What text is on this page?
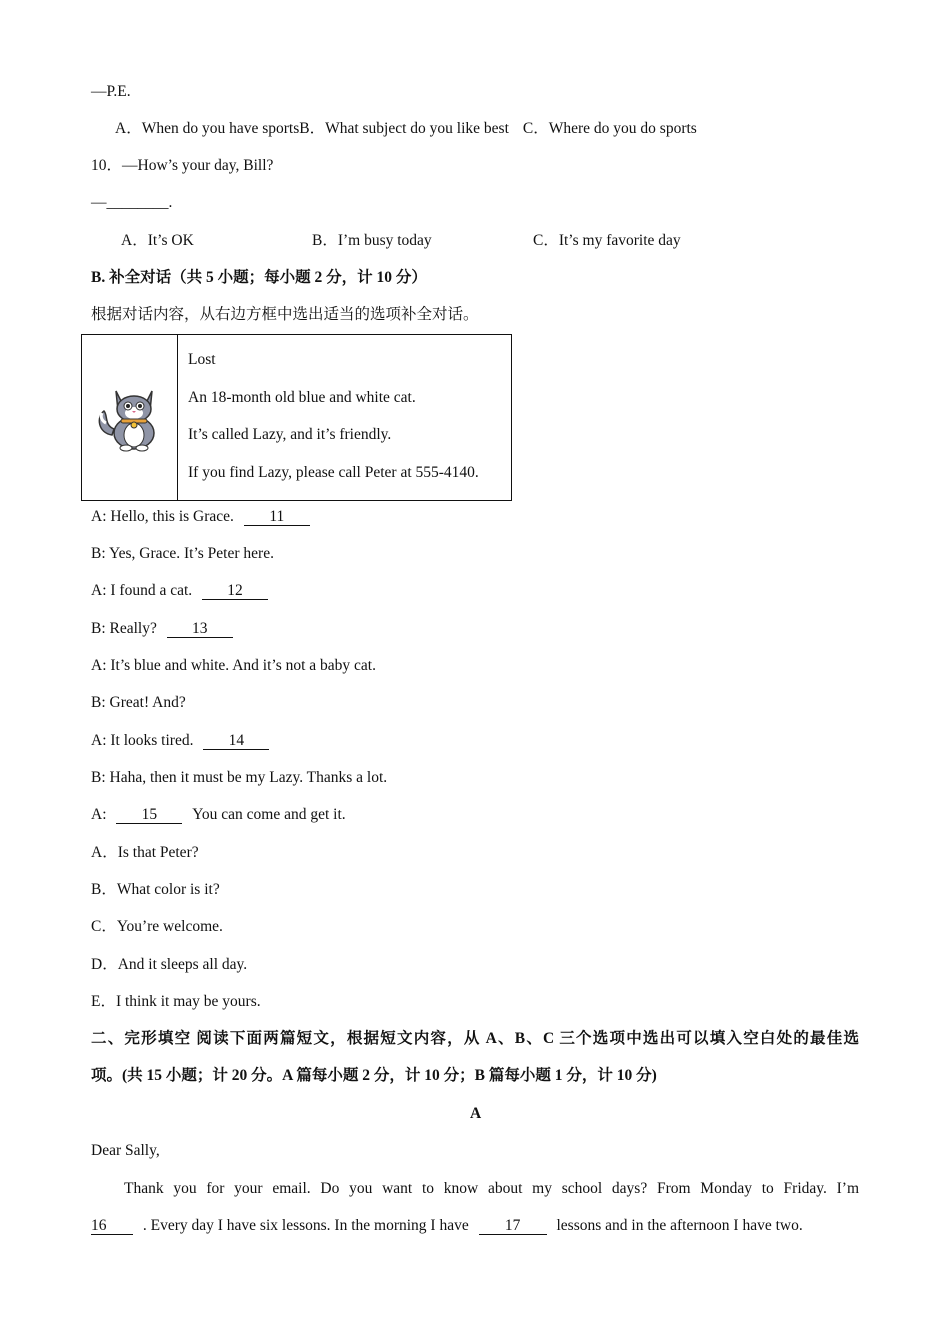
—P.E.
A．When do you have sportsB．What subject do you like best C．Where do you do sports
10．—How’s your day, Bill?
—________.
A．It’s OK	B．I’m busy today	C．It’s my favorite day
B. 补全对话（共 5 小题；每小题 2 分，计 10 分）
根据对话内容，从右边方框中选出适当的选项补全对话。

Lost
An 18-month old blue and white cat.
It’s called Lazy, and it’s friendly.
If you find Lazy, please call Peter at 555-4140.
A: Hello, this is Grace. 11
B: Yes, Grace. It’s Peter here.
A: I found a cat. 12
B: Really? 13
A: It’s blue and white. And it’s not a baby cat.
B: Great! And?
A: It looks tired. 14
B: Haha, then it must be my Lazy. Thanks a lot.
A: 15 You can come and get it.
A．Is that Peter?
B．What color is it?
C．You’re welcome.
D．And it sleeps all day.
E．I think it may be yours.
二、完形填空 阅读下面两篇短文，根据短文内容，从 A、B、C 三个选项中选出可以填入空白处的最佳选
项。(共 15 小题；计 20 分。A 篇每小题 2 分，计 10 分；B 篇每小题 1 分，计 10 分)
A
Dear Sally,
Thank you for your email. Do you want to know about my school days? From Monday to Friday. I’m
16 . Every day I have six lessons. In the morning I have 17 lessons and in the afternoon I have two.
